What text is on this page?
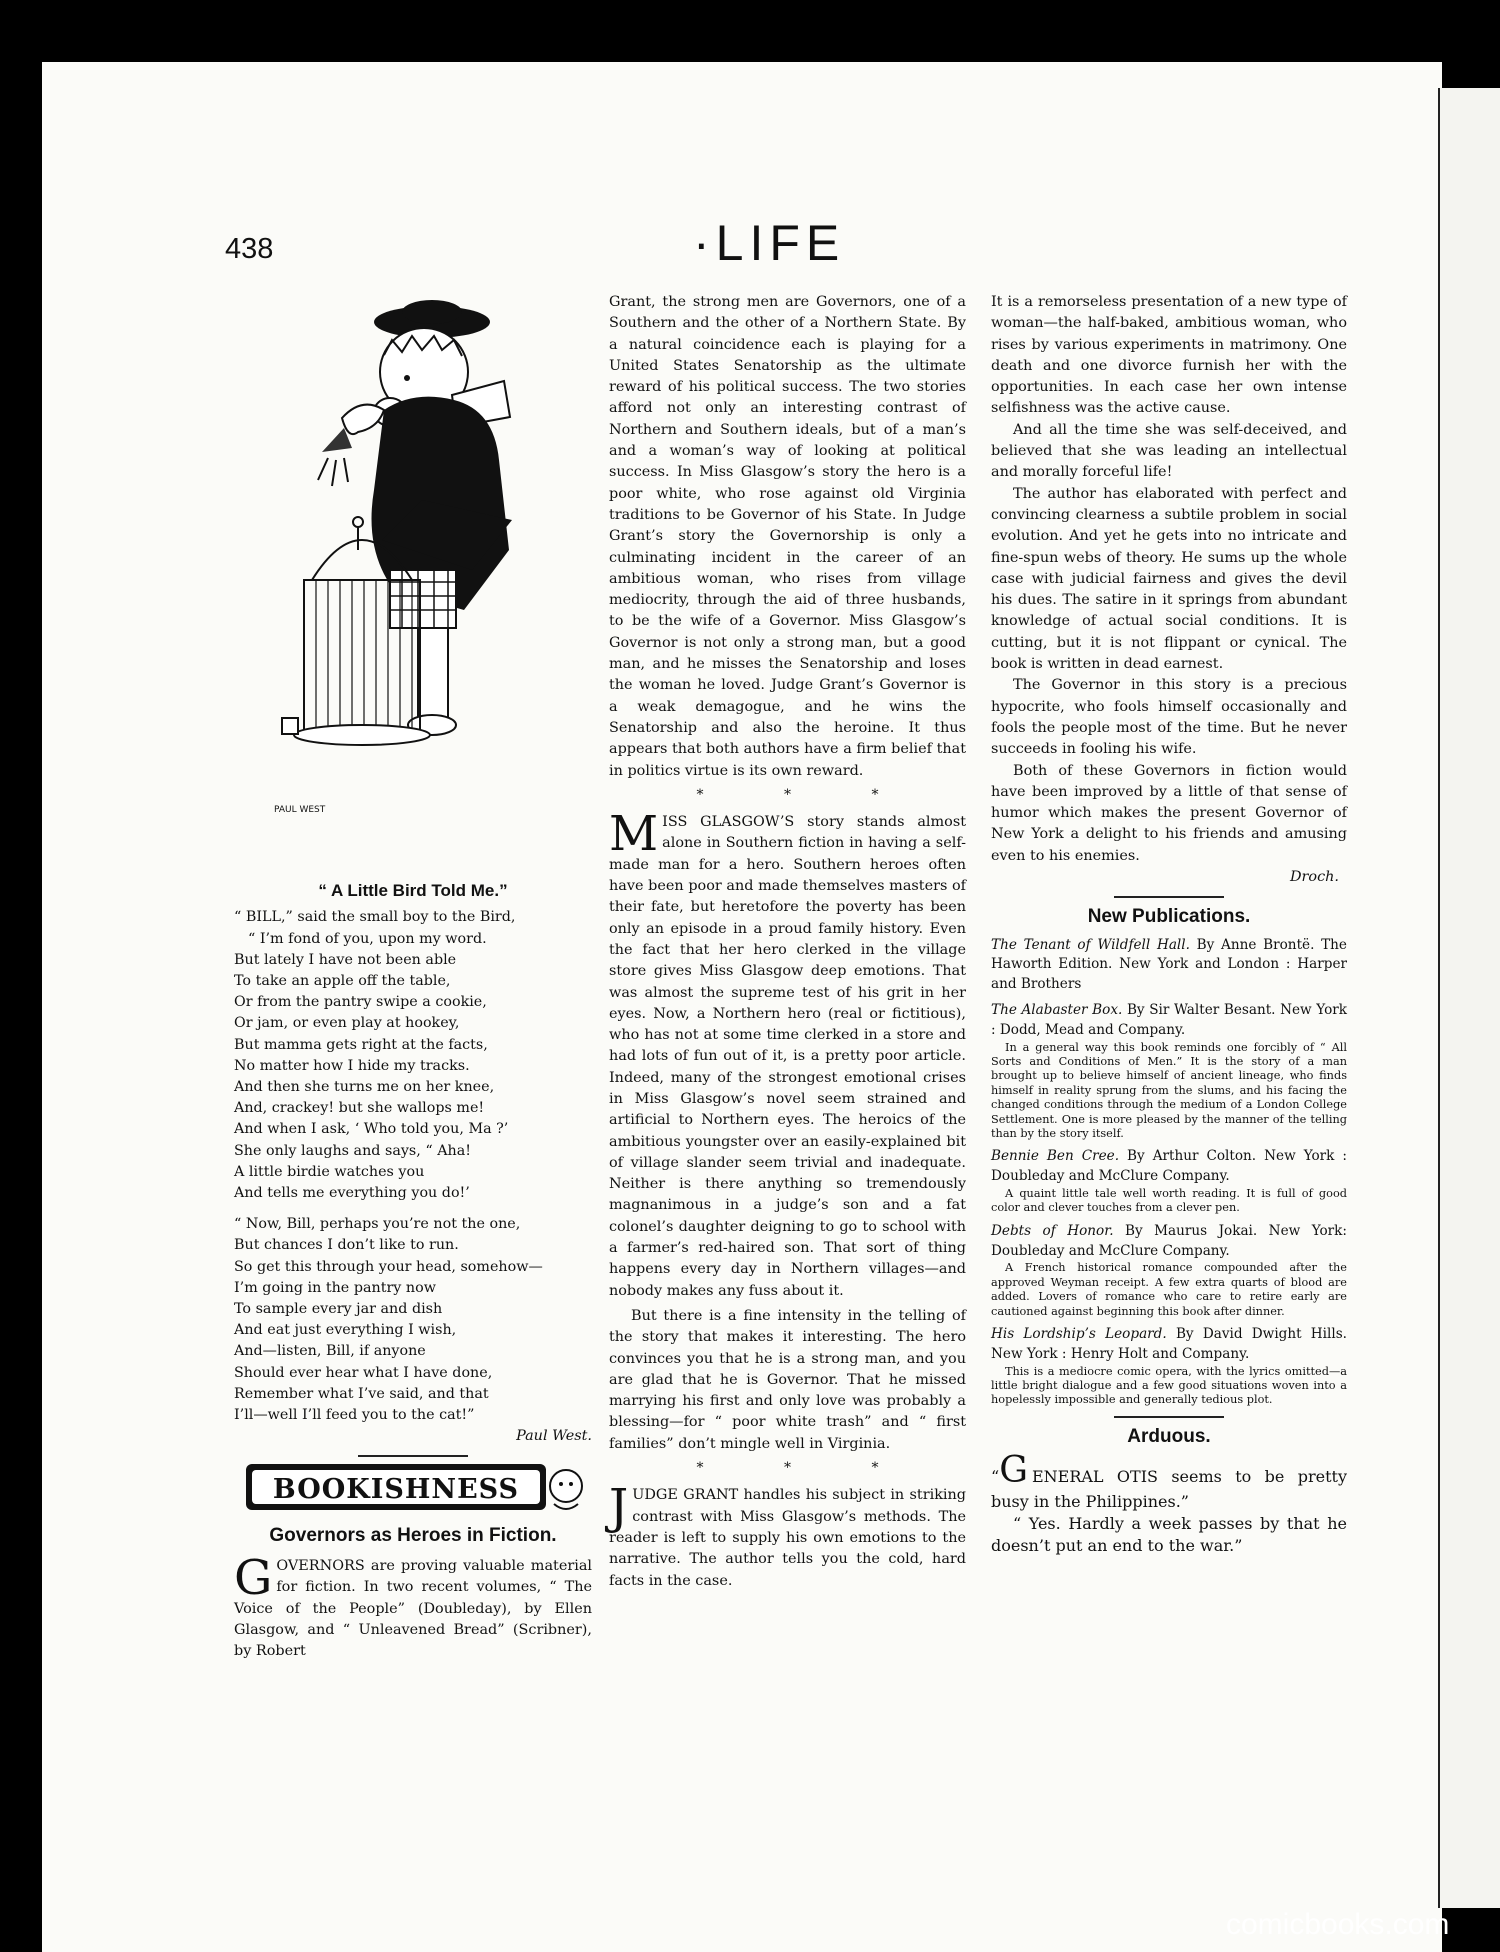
438	·LIFE
PAUL WEST
“ A Little Bird Told Me.”
“ BILL,” said the small boy to the Bird,
“ I’m fond of you, upon my word.
But lately I have not been able
To take an apple off the table,
Or from the pantry swipe a cookie,
Or jam, or even play at hookey,
But mamma gets right at the facts,
No matter how I hide my tracks.
And then she turns me on her knee,
And, crackey! but she wallops me!
And when I ask, ‘ Who told you, Ma ?’
She only laughs and says, “ Aha!
A little birdie watches you
And tells me everything you do!’
“ Now, Bill, perhaps you’re not the one,
But chances I don’t like to run.
So get this through your head, somehow—
I’m going in the pantry now
To sample every jar and dish
And eat just everything I wish,
And—listen, Bill, if anyone
Should ever hear what I have done,
Remember what I’ve said, and that
I’ll—well I’ll feed you to the cat!”
Paul West.
BOOKISHNESS
Governors as Heroes in Fiction.

GOVERNORS are proving valuable material for fiction. In two recent volumes, “ The Voice of the People” (Doubleday), by Ellen Glasgow, and “ Unleavened Bread” (Scribner), by Robert

Grant, the strong men are Governors, one of a Southern and the other of a Northern State. By a natural coincidence each is playing for a United States Senatorship as the ultimate reward of his political success. The two stories afford not only an interesting contrast of Northern and Southern ideals, but of a man’s and a woman’s way of looking at political success. In Miss Glasgow’s story the hero is a poor white, who rose against old Virginia traditions to be Governor of his State. In Judge Grant’s story the Governorship is only a culminating incident in the career of an ambitious woman, who rises from village mediocrity, through the aid of three husbands, to be the wife of a Governor. Miss Glasgow’s Governor is not only a strong man, but a good man, and he misses the Senatorship and loses the woman he loved. Judge Grant’s Governor is a weak demagogue, and he wins the Senatorship and also the heroine. It thus appears that both authors have a firm belief that in politics virtue is its own reward.

* * *

MISS GLASGOW’S story stands almost alone in Southern fiction in having a self-made man for a hero. Southern heroes often have been poor and made themselves masters of their fate, but heretofore the poverty has been only an episode in a proud family history. Even the fact that her hero clerked in the village store gives Miss Glasgow deep emotions. That was almost the supreme test of his grit in her eyes. Now, a Northern hero (real or fictitious), who has not at some time clerked in a store and had lots of fun out of it, is a pretty poor article. Indeed, many of the strongest emotional crises in Miss Glasgow’s novel seem strained and artificial to Northern eyes. The heroics of the ambitious youngster over an easily-explained bit of village slander seem trivial and inadequate. Neither is there anything so tremendously magnanimous in a judge’s son and a fat colonel’s daughter deigning to go to school with a farmer’s red-haired son. That sort of thing happens every day in Northern villages—and nobody makes any fuss about it.

But there is a fine intensity in the telling of the story that makes it interesting. The hero convinces you that he is a strong man, and you are glad that he is Governor. That he missed marrying his first and only love was probably a blessing—for “ poor white trash” and “ first families” don’t mingle well in Virginia.

* * *

JUDGE GRANT handles his subject in striking contrast with Miss Glasgow’s methods. The reader is left to supply his own emotions to the narrative. The author tells you the cold, hard facts in the case.

It is a remorseless presentation of a new type of woman—the half-baked, ambitious woman, who rises by various experiments in matrimony. One death and one divorce furnish her with the opportunities. In each case her own intense selfishness was the active cause.

And all the time she was self-deceived, and believed that she was leading an intellectual and morally forceful life!

The author has elaborated with perfect and convincing clearness a subtile problem in social evolution. And yet he gets into no intricate and fine-spun webs of theory. He sums up the whole case with judicial fairness and gives the devil his dues. The satire in it springs from abundant knowledge of actual social conditions. It is cutting, but it is not flippant or cynical. The book is written in dead earnest.

The Governor in this story is a precious hypocrite, who fools himself occasionally and fools the people most of the time. But he never succeeds in fooling his wife.

Both of these Governors in fiction would have been improved by a little of that sense of humor which makes the present Governor of New York a delight to his friends and amusing even to his enemies.

Droch.
New Publications.
The Tenant of Wildfell Hall. By Anne Brontë. The Haworth Edition. New York and London : Harper and Brothers
The Alabaster Box. By Sir Walter Besant. New York : Dodd, Mead and Company.
In a general way this book reminds one forcibly of “ All Sorts and Conditions of Men.” It is the story of a man brought up to believe himself of ancient lineage, who finds himself in reality sprung from the slums, and his facing the changed conditions through the medium of a London College Settlement. One is more pleased by the manner of the telling than by the story itself.
Bennie Ben Cree. By Arthur Colton. New York : Doubleday and McClure Company.
A quaint little tale well worth reading. It is full of good color and clever touches from a clever pen.
Debts of Honor. By Maurus Jokai. New York: Doubleday and McClure Company.
A French historical romance compounded after the approved Weyman receipt. A few extra quarts of blood are added. Lovers of romance who care to retire early are cautioned against beginning this book after dinner.
His Lordship’s Leopard. By David Dwight Hills. New York : Henry Holt and Company.
This is a mediocre comic opera, with the lyrics omitted—a little bright dialogue and a few good situations woven into a hopelessly impossible and generally tedious plot.
Arduous.

“G ENERAL OTIS seems to be pretty busy in the Philippines.”

“ Yes. Hardly a week passes by that he doesn’t put an end to the war.”

comicbooks.com
